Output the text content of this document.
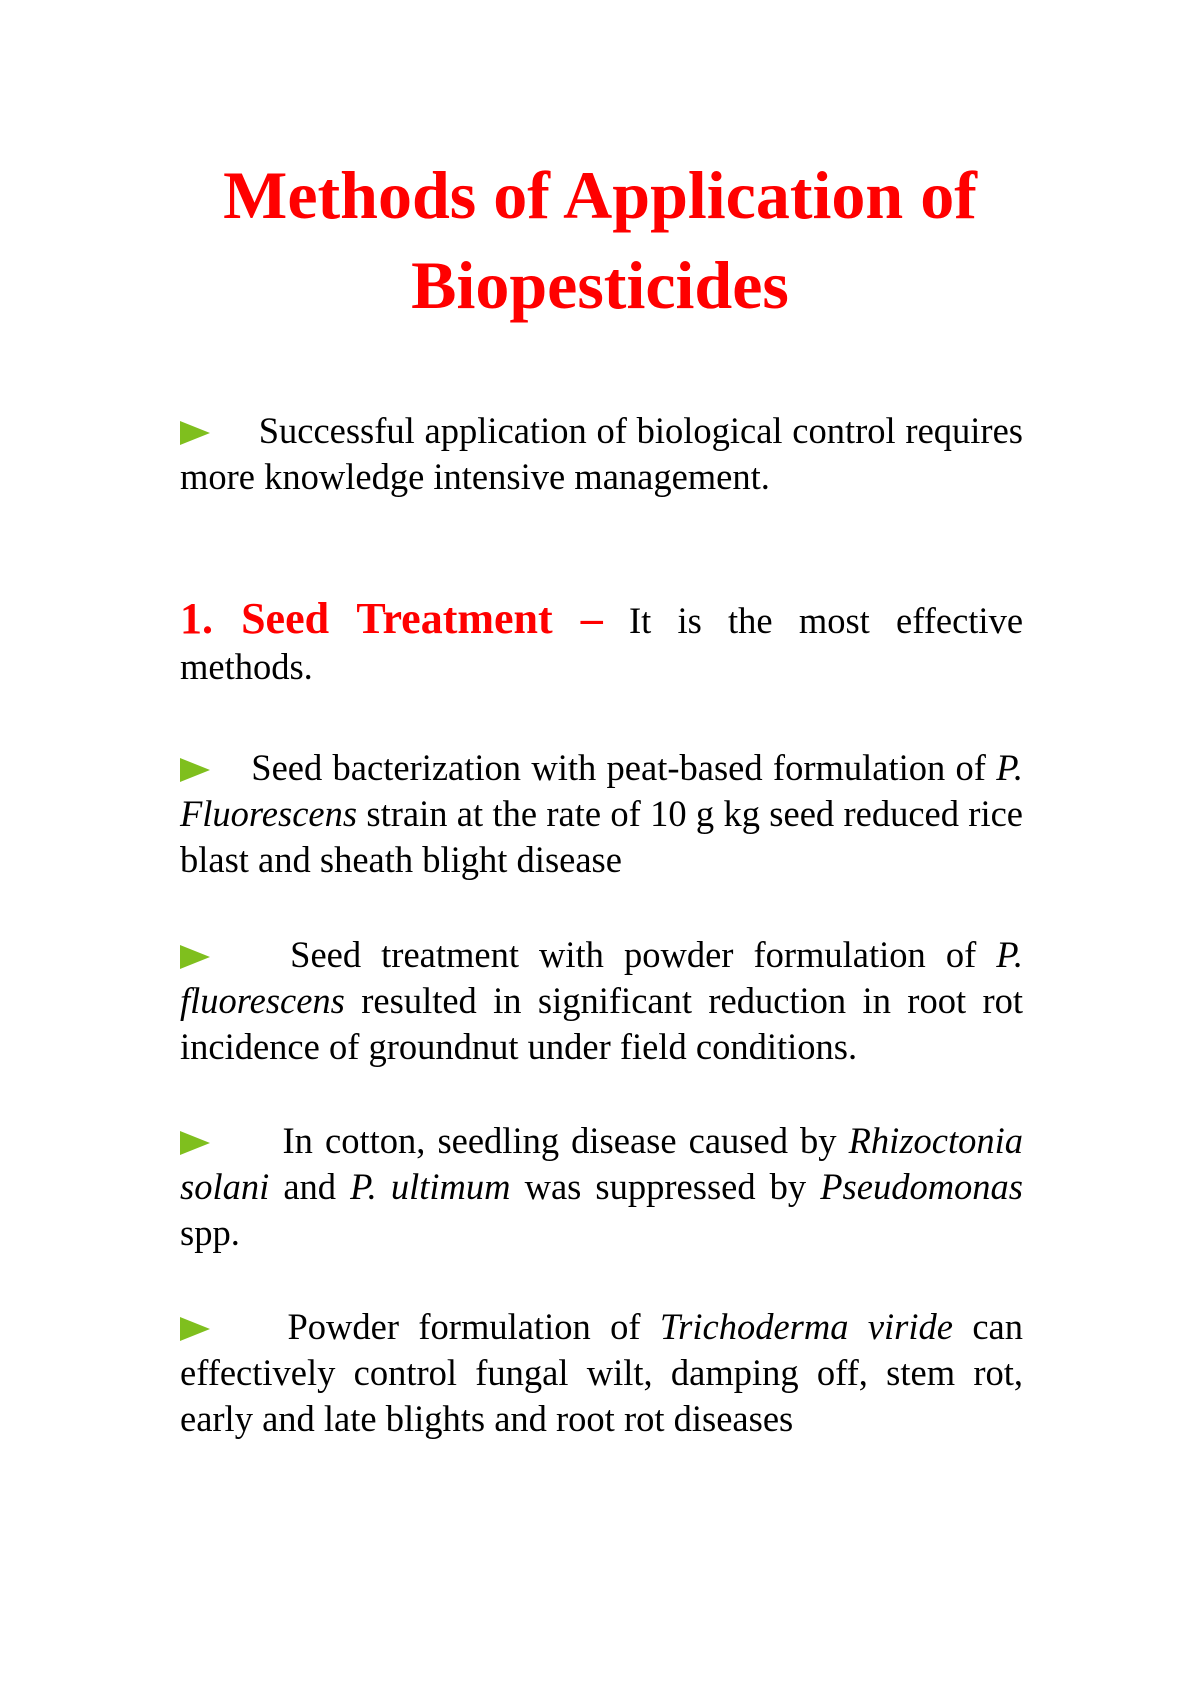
Methods of Application of
Biopesticides

Successful application of biological control requires more knowledge intensive management.

1. Seed Treatment – It is the most effective methods.

Seed bacterization with peat-based formulation of P. Fluorescens strain at the rate of 10 g kg seed reduced rice blast and sheath blight disease

Seed treatment with powder formulation of P. fluorescens resulted in significant reduction in root rot incidence of groundnut under field conditions.

In cotton, seedling disease caused by Rhizoctonia solani and P. ultimum was suppressed by Pseudomonas spp.

Powder formulation of Trichoderma viride can effectively control fungal wilt, damping off, stem rot, early and late blights and root rot diseases
